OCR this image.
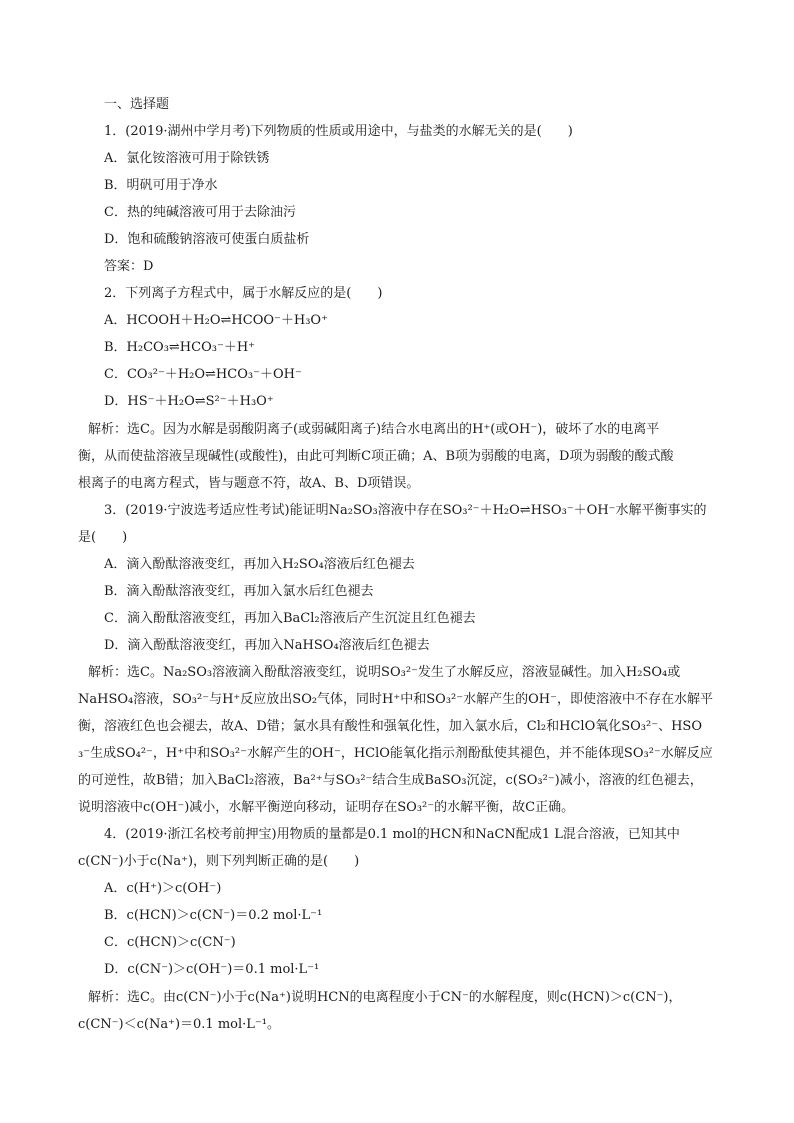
一、选择题
1．(2019·湖州中学月考)下列物质的性质或用途中，与盐类的水解无关的是(　　)
A．氯化铵溶液可用于除铁锈
B．明矾可用于净水
C．热的纯碱溶液可用于去除油污
D．饱和硫酸钠溶液可使蛋白质盐析
答案：D
2．下列离子方程式中，属于水解反应的是(　　)
A．HCOOH＋H₂O⇌HCOO⁻＋H₃O⁺
B．H₂CO₃⇌HCO₃⁻＋H⁺
C．CO₃²⁻＋H₂O⇌HCO₃⁻＋OH⁻
D．HS⁻＋H₂O⇌S²⁻＋H₃O⁺
解析：选C。因为水解是弱酸阴离子(或弱碱阳离子)结合水电离出的H⁺(或OH⁻)，破坏了水的电离平
衡，从而使盐溶液呈现碱性(或酸性)，由此可判断C项正确；A、B项为弱酸的电离，D项为弱酸的酸式酸
根离子的电离方程式，皆与题意不符，故A、B、D项错误。
3．(2019·宁波选考适应性考试)能证明Na₂SO₃溶液中存在SO₃²⁻＋H₂O⇌HSO₃⁻＋OH⁻水解平衡事实的
是(　　)
A．滴入酚酞溶液变红，再加入H₂SO₄溶液后红色褪去
B．滴入酚酞溶液变红，再加入氯水后红色褪去
C．滴入酚酞溶液变红，再加入BaCl₂溶液后产生沉淀且红色褪去
D．滴入酚酞溶液变红，再加入NaHSO₄溶液后红色褪去
解析：选C。Na₂SO₃溶液滴入酚酞溶液变红，说明SO₃²⁻发生了水解反应，溶液显碱性。加入H₂SO₄或
NaHSO₄溶液，SO₃²⁻与H⁺反应放出SO₂气体，同时H⁺中和SO₃²⁻水解产生的OH⁻，即使溶液中不存在水解平
衡，溶液红色也会褪去，故A、D错；氯水具有酸性和强氧化性，加入氯水后，Cl₂和HClO氧化SO₃²⁻、HSO
₃⁻生成SO₄²⁻，H⁺中和SO₃²⁻水解产生的OH⁻，HClO能氧化指示剂酚酞使其褪色，并不能体现SO₃²⁻水解反应
的可逆性，故B错；加入BaCl₂溶液，Ba²⁺与SO₃²⁻结合生成BaSO₃沉淀，c(SO₃²⁻)减小，溶液的红色褪去，
说明溶液中c(OH⁻)减小，水解平衡逆向移动，证明存在SO₃²⁻的水解平衡，故C正确。
4．(2019·浙江名校考前押宝)用物质的量都是0.1 mol的HCN和NaCN配成1 L混合溶液，已知其中
c(CN⁻)小于c(Na⁺)，则下列判断正确的是(　　)
A．c(H⁺)＞c(OH⁻)
B．c(HCN)＞c(CN⁻)＝0.2 mol·L⁻¹
C．c(HCN)＞c(CN⁻)
D．c(CN⁻)＞c(OH⁻)＝0.1 mol·L⁻¹
解析：选C。由c(CN⁻)小于c(Na⁺)说明HCN的电离程度小于CN⁻的水解程度，则c(HCN)＞c(CN⁻)，
c(CN⁻)＜c(Na⁺)＝0.1 mol·L⁻¹。
